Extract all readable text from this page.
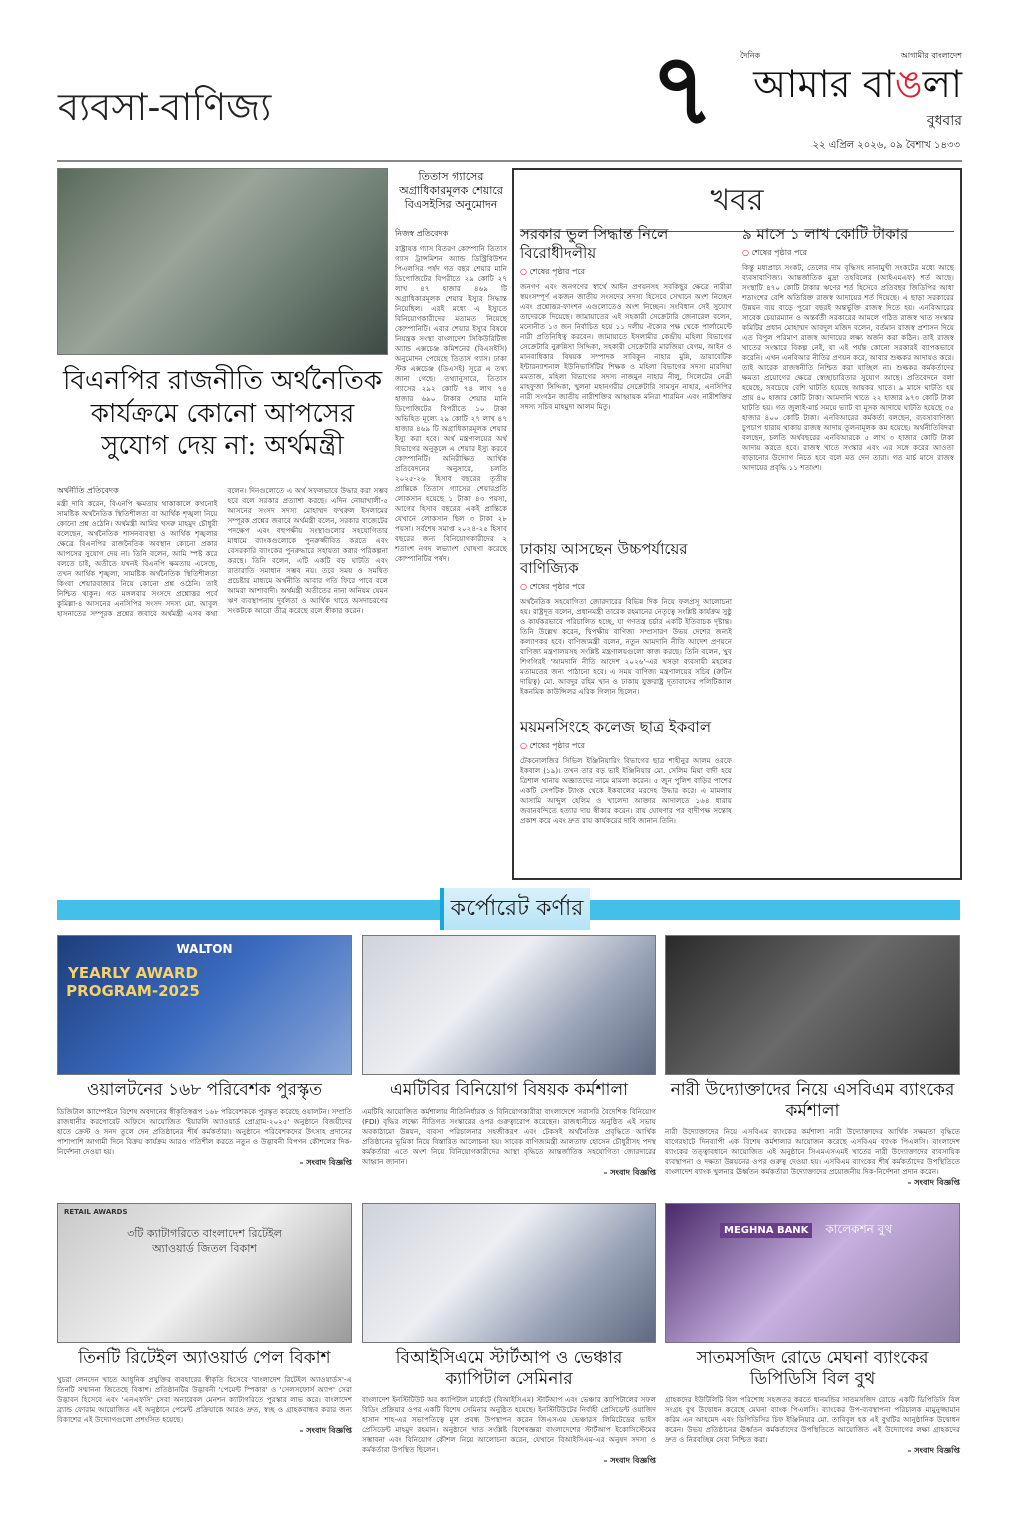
ব্যবসা-বাণিজ্য	৭	দৈনিক	আগামীর বাংলাদেশ
আমার বাঙলা
বুধবার
২২ এপ্রিল ২০২৬, ০৯ বৈশাখ ১৪৩৩
বিএনপির রাজনীতি অর্থনৈতিক কার্যক্রমে কোনো আপসের সুযোগ দেয় না: অর্থমন্ত্রী
অর্থনীতি প্রতিবেদক
মন্ত্রী দাবি করেন, বিএনপি ক্ষমতায় থাকাকালে কখনোই সামষ্টিক অর্থনৈতিক স্থিতিশীলতা বা আর্থিক শৃঙ্খলা নিয়ে কোনো প্রশ্ন ওঠেনি। অর্থমন্ত্রী আমির খসরু মাহমুদ চৌধুরী বলেছেন, অর্থনৈতিক শাসনব্যবস্থা ও আর্থিক শৃঙ্খলার ক্ষেত্রে বিএনপির রাজনৈতিক অবস্থান কোনো প্রকার আপসের সুযোগ দেয় না। তিনি বলেন, আমি স্পষ্ট করে বলতে চাই, অতীতে যখনই বিএনপি ক্ষমতায় এসেছে, তখন আর্থিক শৃঙ্খলা, সামষ্টিক অর্থনৈতিক স্থিতিশীলতা কিংবা শেয়ারবাজার নিয়ে কোনো প্রশ্ন ওঠেনি। তাই নিশ্চিত থাকুন। গত মঙ্গলবার সংসদে প্রশ্নোত্তর পর্বে কুমিল্লা-৪ আসনের এনসিপির সংসদ সদস্য মো. আবুল হাসনাতের সম্পূরক প্রশ্নের জবাবে অর্থমন্ত্রী এসব কথা বলেন। দিনগুলোতে এ অর্থ সফলভাবে উদ্ধার করা সম্ভব হবে বলে সরকার প্রত্যাশা করছে। এদিন নোয়াখালী-৫ আসনের সংসদ সদস্য মোহাম্মদ ফখরুল ইসলামের সম্পূরক প্রশ্নের জবাবে অর্থমন্ত্রী বলেন, সরকার বাজেটের পদক্ষেপ এবং বহুপক্ষীয় সংস্থাগুলোর সহযোগিতার মাধ্যমে ব্যাংকগুলোকে পুনরুজ্জীবিত করতে এবং বেসরকারি ব্যাংকের পুনরুদ্ধারে সহায়তা করার পরিকল্পনা করছে। তিনি বলেন, এটি একটি বড় ঘাটতি এবং রাতারাতি সমাধান সম্ভব নয়। তবে সময় ও সমন্বিত প্রচেষ্টার মাধ্যমে অর্থনীতি আবার গতি ফিরে পাবে বলে আমরা আশাবাদী। অর্থমন্ত্রী অতীতের নানা অনিয়ম যেমন ঋণ ব্যবস্থাপনায় দুর্বলতা ও আর্থিক খাতে অসদাচরণের সংকটকে আরো তীব্র করেছে বলে স্বীকার করেন।
তিতাস গ্যাসের অগ্রাধিকারমূলক শেয়ারে বিএসইসির অনুমোদন
নিজস্ব প্রতিবেদক
রাষ্ট্রায়ত্ত গ্যাস বিতরণ কোম্পানি তিতাস গ্যাস ট্রান্সমিশন অ্যান্ড ডিস্ট্রিবিউশন পিএলসির পর্ষদ গত বছর শেয়ার মানি ডিপোজিটের বিপরীতে ২৯ কোটি ২৭ লাখ ৪৭ হাজার ৪৬৯ টি অগ্রাধিকারমূলক শেয়ার ইস্যুর সিদ্ধান্ত নিয়েছিল। এরই মধ্যে এ ইস্যুতে বিনিয়োগকারীদের মতামত নিয়েছে কোম্পানিটি। এবার শেয়ার ইস্যুর বিষয়ে নিয়ন্ত্রক সংস্থা বাংলাদেশ সিকিউরিটিজ অ্যান্ড এক্সচেঞ্জ কমিশনের (বিএসইসি) অনুমোদন পেয়েছে তিতাস গ্যাস। ঢাকা স্টক এক্সচেঞ্জ (ডিএসই) সূত্রে এ তথ্য জানা গেছে। তথ্যানুসারে, তিতাস গ্যাসের ২৯২ কোটি ৭৪ লাখ ৭৪ হাজার ৬৯০ টাকার শেয়ার মানি ডিপোজিটের বিপরীতে ১০ টাকা অভিহিত মূল্যে ২৯ কোটি ২৭ লাখ ৪৭ হাজার ৪৬৯ টি অগ্রাধিকারমূলক শেয়ার ইস্যু করা হবে। অর্থ মন্ত্রণালয়ের অর্থ বিভাগের অনুকূলে এ শেয়ার ইস্যু করবে কোম্পানিটি। অনিরীক্ষিত আর্থিক প্রতিবেদনের অনুসারে, চলতি ২০২৫-২৬ হিসাব বছরের তৃতীয় প্রান্তিকে তিতাস গ্যাসের শেয়ারপ্রতি লোকসান হয়েছে ১ টাকা ৪৩ পয়সা, আগের হিসাব বছরের একই প্রান্তিকে যেখানে লোকসান ছিল ৩ টাকা ২৮ পয়সা। সর্বশেষ সমাপ্ত ২০২৪-২৫ হিসাব বছরের জন্য বিনিয়োগকারীদের ২ শতাংশ নগদ লভ্যাংশ ঘোষণা করেছে কোম্পানিটির পর্ষদ।
খবর
সরকার ভুল সিদ্ধান্ত নিলে বিরোধীদলীয়
○ শেষের পৃষ্ঠার পরে
জনগণ এবং জনগণের স্বার্থে আইন প্রণয়নসহ সবকিছুর ক্ষেত্রে নারীরা স্বয়ংসম্পূর্ণ একজন জাতীয় সংসদের সদস্য হিসেবে সেখানে অংশ নিচ্ছেন এবং প্রশ্নোত্তর-ফাংশন এগুলোতেও অংশ নিচ্ছেন। সংবিধান সেই সুযোগ তাদেরকে দিয়েছে। জামায়াতের এই সহকারী সেক্রেটারি জেনারেল বলেন, মনোনীত ১৩ জন নির্বাচিত হয়ে ১১ দলীয় ঐক্যের পক্ষ থেকে পার্লামেন্টে নারী প্রতিনিধিত্ব করবেন। জামায়াতে ইসলামীর কেন্দ্রীয় মহিলা বিভাগের সেক্রেটারি নুরুন্নিসা সিদ্দিকা, সহকারী সেক্রেটারি মারজিয়া বেগম, আইন ও মানবাধিকার বিষয়ক সম্পাদক সাবিকুন নাহার মুন্নি, ডায়াবেটিক ইন্টারন্যাশনাল ইউনিভার্সিটির শিক্ষক ও মহিলা বিভাগের সদস্য মারদিয়া মমতাজ, মহিলা বিভাগের সদস্য নাজমুন নাহার নীলু, সিলেটের নেত্রী মাহফুজা সিদ্দিকা, খুলনা মহানগরীর সেক্রেটারি সামসুন নাহার, এনসিপির নারী সংগঠন জাতীয় নারীশক্তির আহ্বায়ক মনিরা শারমিন এবং নারীশক্তির সদস্য সচিব মাহমুদা আলম মিতু।
ঢাকায় আসছেন উচ্চপর্যায়ের বাণিজ্যিক
○ শেষের পৃষ্ঠার পরে
অর্থনৈতিক সহযোগিতা জোরদারের বিভিন্ন দিক নিয়ে ফলপ্রসূ আলোচনা হয়। রাষ্ট্রদূত বলেন, প্রধানমন্ত্রী তারেক রহমানের নেতৃত্বে সংশ্লিষ্ট কার্যক্রম সুষ্ঠু ও কার্যকরভাবে পরিচালিত হচ্ছে, যা গণতন্ত্র চর্চার একটি ইতিবাচক দৃষ্টান্ত। তিনি উল্লেখ করেন, দ্বিপক্ষীয় বাণিজ্য সম্প্রসারণ উভয় দেশের জন্যই কল্যাণকর হবে। বাণিজ্যমন্ত্রী বলেন, নতুন আমদানি নীতি আদেশ প্রণয়নে বাণিজ্য মন্ত্রণালয়সহ সংশ্লিষ্ট মন্ত্রণালয়গুলো কাজ করছে। তিনি বলেন, খুব শিগগিরই 'আমদানি নীতি আদেশ ২০২৬'-এর খসড়া ব্যবসায়ী মহলের মতামতের জন্য পাঠানো হবে। এ সময় বাণিজ্য মন্ত্রণালয়ের সচিব (রুটিন দায়িত্ব) মো. আবদুর রহিম খান ও ঢাকায় যুক্তরাষ্ট্র দূতাবাসের পলিটিক্যাল ইকনমিক কাউন্সিলর এরিক গিলান ছিলেন।
ময়মনসিংহে কলেজ ছাত্র ইকবাল
○ শেষের পৃষ্ঠার পরে
টেকনোলজির সিভিল ইঞ্জিনিয়ারিং বিভাগের ছাত্র শাহীনুর আলম ওরফে ইকবাল (১৯)। তখন তার বড় ভাই ইঞ্জিনিয়ার মো. সেলিম মিয়া বাদী হয়ে ত্রিশাল থানায় অজ্ঞাতদের নামে মামলা করেন। ৫ জুন পুলিশ বাড়ির পাশের একটি সেপটিক ট্যাংক থেকে ইকবালের মরদেহ উদ্ধার করে। এ মামলায় আসামি আব্দুল হেলিম ও খালেদা আক্তার আদালতে ১৬৪ ধারায় জবানবন্দিতে হত্যার দায় স্বীকার করেন। রায় ঘোষণার পর বাদীপক্ষ সন্তোষ প্রকাশ করে এবং দ্রুত রায় কার্যকরের দাবি জানান তিনি।
৯ মাসে ১ লাখ কোটি টাকার
○ শেষের পৃষ্ঠার পরে
কিন্তু মধ্যপ্রাচ্য সংকট, তেলের দাম বৃদ্ধিসহ নানামুখী সংকটের মধ্যে আছে ব্যবসাবাণিজ্য। আন্তর্জাতিক মুদ্রা তহবিলের (আইএমএফ) শর্ত আছে। সংস্থাটি ৪৭০ কোটি টাকার ঋণের শর্ত হিসেবে প্রতিবছর জিডিপির আধা শতাংশের বেশি অতিরিক্ত রাজস্ব আদায়ের শর্ত দিয়েছে। এ ছাড়া সরকারের উন্নয়ন ব্যয় বাড়ে পুরো বছরই অন্তর্ভুক্তি রাজস্ব দিতে হয়। এনবিআরের সাবেক চেয়ারম্যান ও অন্তর্বর্তী সরকারের আমলে গঠিত রাজস্ব খাত সংস্কার কমিটির প্রধান মোহাম্মদ আবদুল মজিদ বলেন, বর্তমান রাজস্ব প্রশাসন দিয়ে এত বিপুল পরিমাণ রাজস্ব আদায়ের লক্ষ্য অর্জন করা কঠিন। তাই রাজস্ব খাতের সংস্কারে বিকল্প নেই, যা এই পর্যন্ত কোনো সরকারই ব্যাপকভাবে করেনি। এখন এনবিআর নীতির প্রণয়ন করে, আবার শুল্ককর আদায়ও করে। তাই আরেক রাজস্বনীতি নিশ্চিত করা যাচ্ছিল না। শুল্ককর কর্মকর্তাদের ক্ষমতা প্রয়োগের ক্ষেত্রে স্বেচ্ছাচারিতার সুযোগ আছে। প্রতিবেদনে বলা হয়েছে, সবচেয়ে বেশি ঘাটতি হয়েছে আয়কর খাতে। ৯ মাসে ঘাটতি হয় প্রায় ৪০ হাজার কোটি টাকা। আমদানি খাতে ২২ হাজার ৯৭৩ কোটি টাকা ঘাটতি হয়। গত জুলাই-মার্চ সময়ে ভ্যাট বা মূসক আদায়ে ঘাটতি হয়েছে ৩৫ হাজার ৪০০ কোটি টাকা। এনবিআরের কর্মকর্তা বলছেন, ব্যবসাবাণিজ্য চুপচাপ ধারায় থাকায় রাজস্ব আদায় তুলনামূলক কম হয়েছে। অর্থনীতিবিদরা বলছেন, চলতি অর্থবছরের এনবিআরকে ৫ লাখ ৩ হাজার কোটি টাকা আদায় করতে হবে। রাজস্ব খাতে সংস্কার এবং এর সঙ্গে করের আওতা বাড়ানোর উদ্যোগ নিতে হবে বলে মত দেন তারা। গত মার্চ মাসে রাজস্ব আদায়ের প্রবৃদ্ধি ১১ শতাংশ।
কর্পোরেট কর্ণার
WALTON
YEARLY AWARD PROGRAM-2025
ওয়ালটনের ১৬৮ পরিবেশক পুরস্কৃত
ডিজিটাল ক্যাম্পেইনে বিশেষ অবদানের স্বীকৃতিস্বরূপ ১৬৮ পরিবেশককে পুরস্কৃত করেছে ওয়ালটন। সম্প্রতি রাজধানীর করপোরেট অফিসে আয়োজিত 'ইয়ারলি অ্যাওয়ার্ড প্রোগ্রাম-২০২৫' অনুষ্ঠানে বিজয়ীদের হাতে ক্রেস্ট ও সনদ তুলে দেন প্রতিষ্ঠানের শীর্ষ কর্মকর্তারা। অনুষ্ঠানে পরিবেশকদের উৎসাহ প্রদানের পাশাপাশি আগামী দিনে বিক্রয় কার্যক্রম আরও গতিশীল করতে নতুন ও উদ্ভাবনী বিপণন কৌশলের দিক-নির্দেশনা দেওয়া হয়।
– সংবাদ বিজ্ঞপ্তি
এমটিবির বিনিয়োগ বিষয়ক কর্মশালা
এমটিবি আয়োজিত কর্মশালায় নীতিনির্ধারক ও বিনিয়োগকারীরা বাংলাদেশে সরাসরি বৈদেশিক বিনিয়োগ (FDI) বৃদ্ধির লক্ষ্যে নীতিগত সংস্কারের ওপর গুরুত্বারোপ করেছেন। রাজধানীতে অনুষ্ঠিত এই সভায় অবকাঠামো উন্নয়ন, ব্যবসা পরিচালনার সহজীকরণ এবং টেকসই অর্থনৈতিক প্রবৃদ্ধিতে আর্থিক প্রতিষ্ঠানের ভূমিকা নিয়ে বিস্তারিত আলোচনা হয়। সাবেক বাণিজ্যমন্ত্রী আলতাফ হোসেন চৌধুরীসহ পদস্থ কর্মকর্তারা এতে অংশ নিয়ে বিনিয়োগকারীদের আস্থা বৃদ্ধিতে আন্তর্জাতিক সহযোগিতা জোরদারের আহ্বান জানান।
– সংবাদ বিজ্ঞপ্তি
নারী উদ্যোক্তাদের নিয়ে এসবিএম ব্যাংকের কর্মশালা
নারী উদ্যোক্তাদের নিয়ে এসবিএম ব্যাংকের কর্মশালা নারী উদ্যোক্তাদের আর্থিক সক্ষমতা বৃদ্ধিতে বাগেরহাটে দিনব্যাপী এক বিশেষ কর্মশালার আয়োজন করেছে এসবিএম ব্যাংক পিএলসি। বাংলাদেশ ব্যাংকের তত্ত্বাবধানে আয়োজিত এই অনুষ্ঠানে সিএমএসএমই খাতের নারী উদ্যোক্তাদের ব্যবসায়িক ব্যবস্থাপনা ও দক্ষতা উন্নয়নের ওপর গুরুত্ব দেওয়া হয়। এসবিএম ব্যাংকের শীর্ষ কর্মকর্তাদের উপস্থিতিতে বাংলাদেশ ব্যাংক খুলনার ঊর্ধ্বতন কর্মকর্তারা উদ্যোক্তাদের প্রয়োজনীয় দিক-নির্দেশনা প্রদান করেন।
– সংবাদ বিজ্ঞপ্তি
RETAIL AWARDS
৩টি ক্যাটাগরিতে বাংলাদেশ রিটেইল অ্যাওয়ার্ড জিতল বিকাশ
MEGHNA BANK কালেকশন বুথ
তিনটি রিটেইল অ্যাওয়ার্ড পেল বিকাশ
খুচরা লেনদেন খাতে আধুনিক প্রযুক্তির ব্যবহারের স্বীকৃতি হিসেবে 'বাংলাদেশ রিটেইল অ্যাওয়ার্ডস'-এ তিনটি সম্মাননা জিতেছে বিকাশ। প্রতিষ্ঠানটির উদ্ভাবনী 'পেমেন্ট স্পিকার' ও 'সেলসফোর্স অ্যাপ' সেরা উদ্ভাবন হিসেবে এবং 'এনএফসি' সেবা অনারেবল মেনশন ক্যাটাগরিতে পুরস্কার লাভ করে। বাংলাদেশ ব্র্যান্ড ফোরাম আয়োজিত এই অনুষ্ঠানে পেমেন্ট প্রক্রিয়াকে আরও দ্রুত, স্বচ্ছ ও গ্রাহকবান্ধব করার জন্য বিকাশের এই উদ্যোগগুলো প্রশংসিত হয়েছে।
– সংবাদ বিজ্ঞপ্তি
বিআইসিএমে স্টার্টআপ ও ভেঞ্চার ক্যাপিটাল সেমিনার
বাংলাদেশ ইনস্টিটিউট অব ক্যাপিটাল মার্কেটে (বিআইসিএম) স্টার্টআপ এবং ভেঞ্চার ক্যাপিটালের সফল বিডিং প্রক্রিয়ার ওপর একটি বিশেষ সেমিনার অনুষ্ঠিত হয়েছে। ইনস্টিটিউটের নির্বাহী প্রেসিডেন্ট ওয়াজিদ হাসান শাহ-এর সভাপতিত্বে মূল প্রবন্ধ উপস্থাপন করেন জিএসএম ভেঞ্চারস লিমিটেডের ভাইস প্রেসিডেন্ট মাহমুদ রহমান। অনুষ্ঠানে খাত সংশ্লিষ্ট বিশেষজ্ঞরা বাংলাদেশের স্টার্টআপ ইকোসিস্টেমের সম্ভাবনা এবং বিনিয়োগ কৌশল নিয়ে আলোচনা করেন, যেখানে বিআইসিএম-এর অনুষদ সদস্য ও কর্মকর্তারা উপস্থিত ছিলেন।
– সংবাদ বিজ্ঞপ্তি
সাতমসজিদ রোডে মেঘনা ব্যাংকের ডিপিডিসি বিল বুথ
গ্রাহকদের ইউটিলিটি বিল পরিশোধ সহজতর করতে ধানমন্ডির সাতমসজিদ রোডে একটি ডিপিডিসি বিল সংগ্রহ বুথ উদ্বোধন করেছে মেঘনা ব্যাংক পিএলসি। ব্যাংকের উপ-ব্যবস্থাপনা পরিচালক মামুনুজ্জামান করিম এন আহমেদ এবং ডিপিডিসির চিফ ইঞ্জিনিয়ার মো. তাবিবুল হক এই বুথটির আনুষ্ঠানিক উদ্বোধন করেন। উভয় প্রতিষ্ঠানের ঊর্ধ্বতন কর্মকর্তাদের উপস্থিতিতে আয়োজিত এই উদ্যোগের লক্ষ্য গ্রাহকদের দ্রুত ও নিরবচ্ছিন্ন সেবা নিশ্চিত করা।
– সংবাদ বিজ্ঞপ্তি
